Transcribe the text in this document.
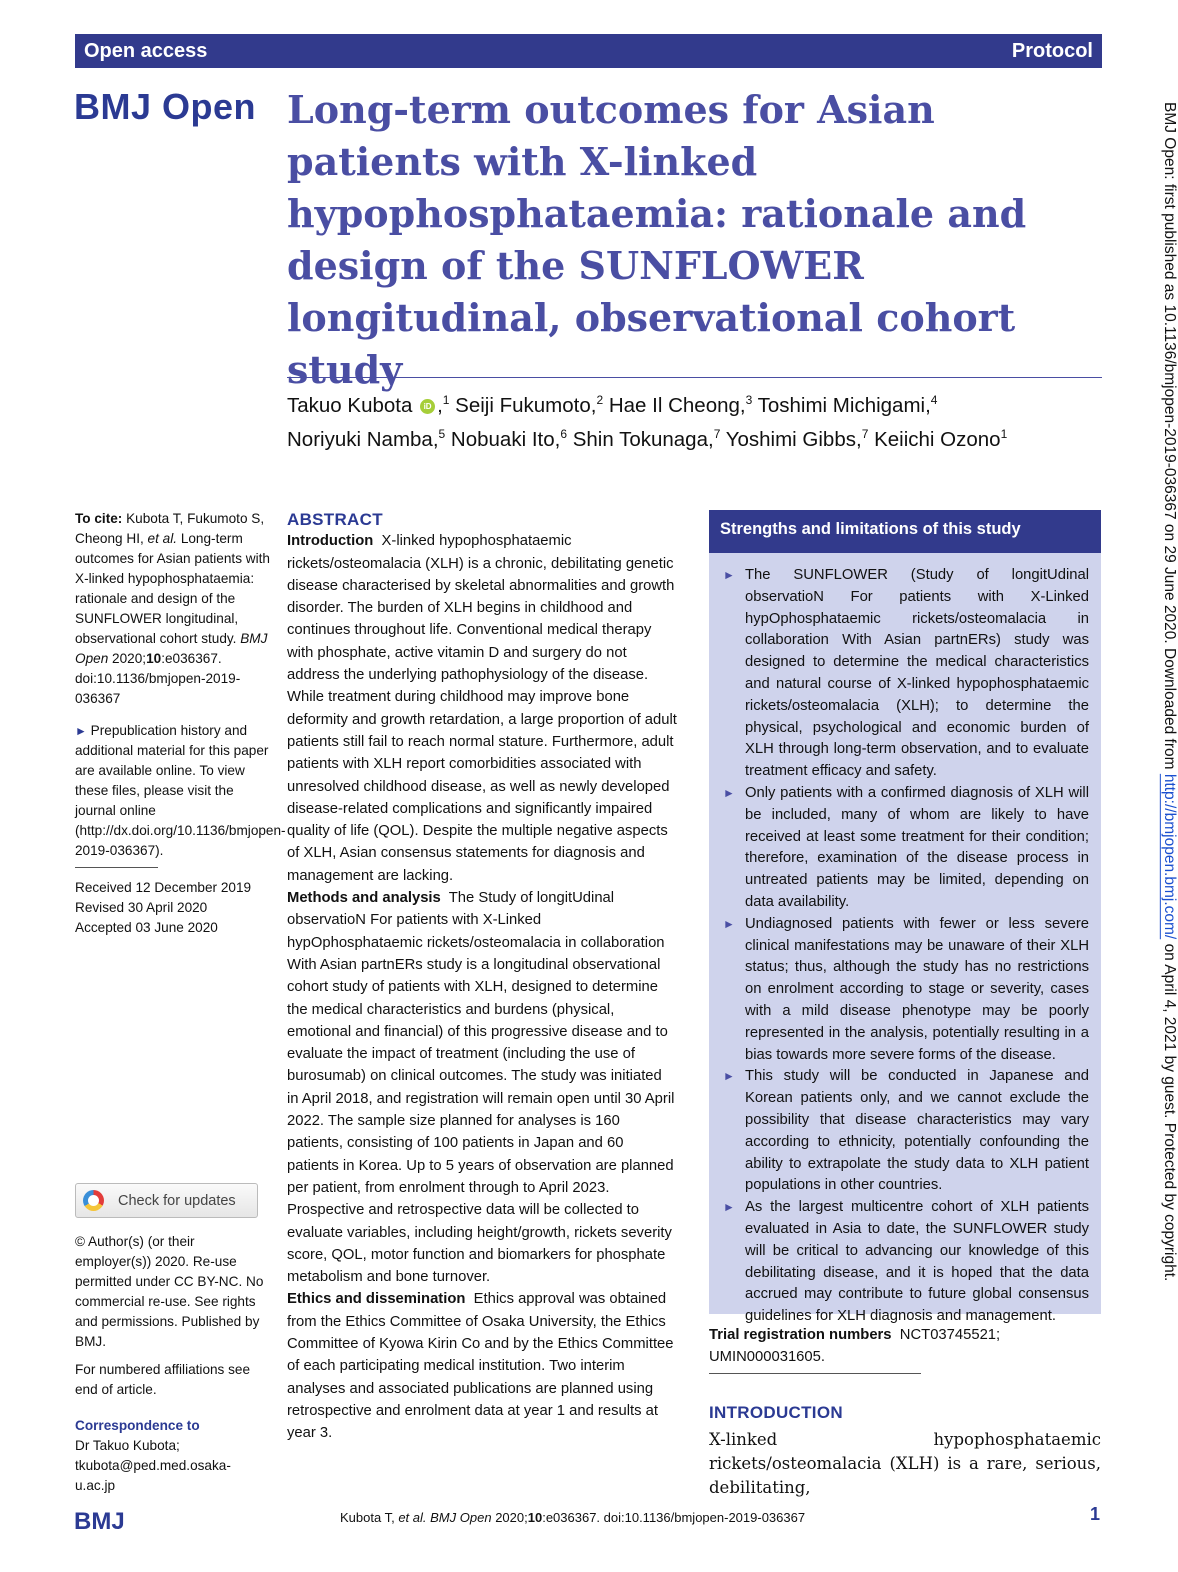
Open access	Protocol
BMJ Open Long-term outcomes for Asian patients with X-linked hypophosphataemia: rationale and design of the SUNFLOWER longitudinal, observational cohort study
Takuo Kubota iD ,$^1$ Seiji Fukumoto,$^2$ Hae Il Cheong,$^3$ Toshimi Michigami,$^4$
Noriyuki Namba,$^5$ Nobuaki Ito,$^6$ Shin Tokunaga,$^7$ Yoshimi Gibbs,$^7$ Keiichi Ozono$^1$

To cite: Kubota T, Fukumoto S, Cheong HI, et al. Long-term outcomes for Asian patients with X-linked hypophosphataemia: rationale and design of the SUNFLOWER longitudinal, observational cohort study. BMJ Open 2020;10:e036367. doi:10.1136/bmjopen-2019-036367

► Prepublication history and additional material for this paper are available online. To view these files, please visit the journal online (http://dx.doi.org/10.1136/bmjopen-2019-036367).

Received 12 December 2019

Revised 30 April 2020

Accepted 03 June 2020

Check for updates

© Author(s) (or their employer(s)) 2020. Re-use permitted under CC BY-NC. No commercial re-use. See rights and permissions. Published by BMJ.

For numbered affiliations see end of article.

Correspondence to

Dr Takuo Kubota;

tkubota@ped.med.osaka-u.ac.jp

ABSTRACT

Introduction X-linked hypophosphataemic rickets/osteomalacia (XLH) is a chronic, debilitating genetic disease characterised by skeletal abnormalities and growth disorder. The burden of XLH begins in childhood and continues throughout life. Conventional medical therapy with phosphate, active vitamin D and surgery do not address the underlying pathophysiology of the disease. While treatment during childhood may improve bone deformity and growth retardation, a large proportion of adult patients still fail to reach normal stature. Furthermore, adult patients with XLH report comorbidities associated with unresolved childhood disease, as well as newly developed disease-related complications and significantly impaired quality of life (QOL). Despite the multiple negative aspects of XLH, Asian consensus statements for diagnosis and management are lacking.

Methods and analysis The Study of longitUdinal observatioN For patients with X-Linked hypOphosphataemic rickets/osteomalacia in collaboration With Asian partnERs study is a longitudinal observational cohort study of patients with XLH, designed to determine the medical characteristics and burdens (physical, emotional and financial) of this progressive disease and to evaluate the impact of treatment (including the use of burosumab) on clinical outcomes. The study was initiated in April 2018, and registration will remain open until 30 April 2022. The sample size planned for analyses is 160 patients, consisting of 100 patients in Japan and 60 patients in Korea. Up to 5 years of observation are planned per patient, from enrolment through to April 2023. Prospective and retrospective data will be collected to evaluate variables, including height/growth, rickets severity score, QOL, motor function and biomarkers for phosphate metabolism and bone turnover.

Ethics and dissemination Ethics approval was obtained from the Ethics Committee of Osaka University, the Ethics Committee of Kyowa Kirin Co and by the Ethics Committee of each participating medical institution. Two interim analyses and associated publications are planned using retrospective and enrolment data at year 1 and results at year 3.

Strengths and limitations of this study
► The SUNFLOWER (Study of longitUdinal observatioN For patients with X-Linked hypOphosphataemic rickets/osteomalacia in collaboration With Asian partnERs) study was designed to determine the medical characteristics and natural course of X-linked hypophosphataemic rickets/osteomalacia (XLH); to determine the physical, psychological and economic burden of XLH through long-term observation, and to evaluate treatment efficacy and safety.
► Only patients with a confirmed diagnosis of XLH will be included, many of whom are likely to have received at least some treatment for their condition; therefore, examination of the disease process in untreated patients may be limited, depending on data availability.
► Undiagnosed patients with fewer or less severe clinical manifestations may be unaware of their XLH status; thus, although the study has no restrictions on enrolment according to stage or severity, cases with a mild disease phenotype may be poorly represented in the analysis, potentially resulting in a bias towards more severe forms of the disease.
► This study will be conducted in Japanese and Korean patients only, and we cannot exclude the possibility that disease characteristics may vary according to ethnicity, potentially confounding the ability to extrapolate the study data to XLH patient populations in other countries.
► As the largest multicentre cohort of XLH patients evaluated in Asia to date, the SUNFLOWER study will be critical to advancing our knowledge of this debilitating disease, and it is hoped that the data accrued may contribute to future global consensus guidelines for XLH diagnosis and management.
Trial registration numbers NCT03745521; UMIN000031605.
INTRODUCTION
X-linked hypophosphataemic rickets/osteomalacia (XLH) is a rare, serious, debilitating,
BMJ	Kubota T, et al. BMJ Open 2020;10:e036367. doi:10.1136/bmjopen-2019-036367	1
BMJ Open: first published as 10.1136/bmjopen-2019-036367 on 29 June 2020. Downloaded from http://bmjopen.bmj.com/ on April 4, 2021 by guest. Protected by copyright.
